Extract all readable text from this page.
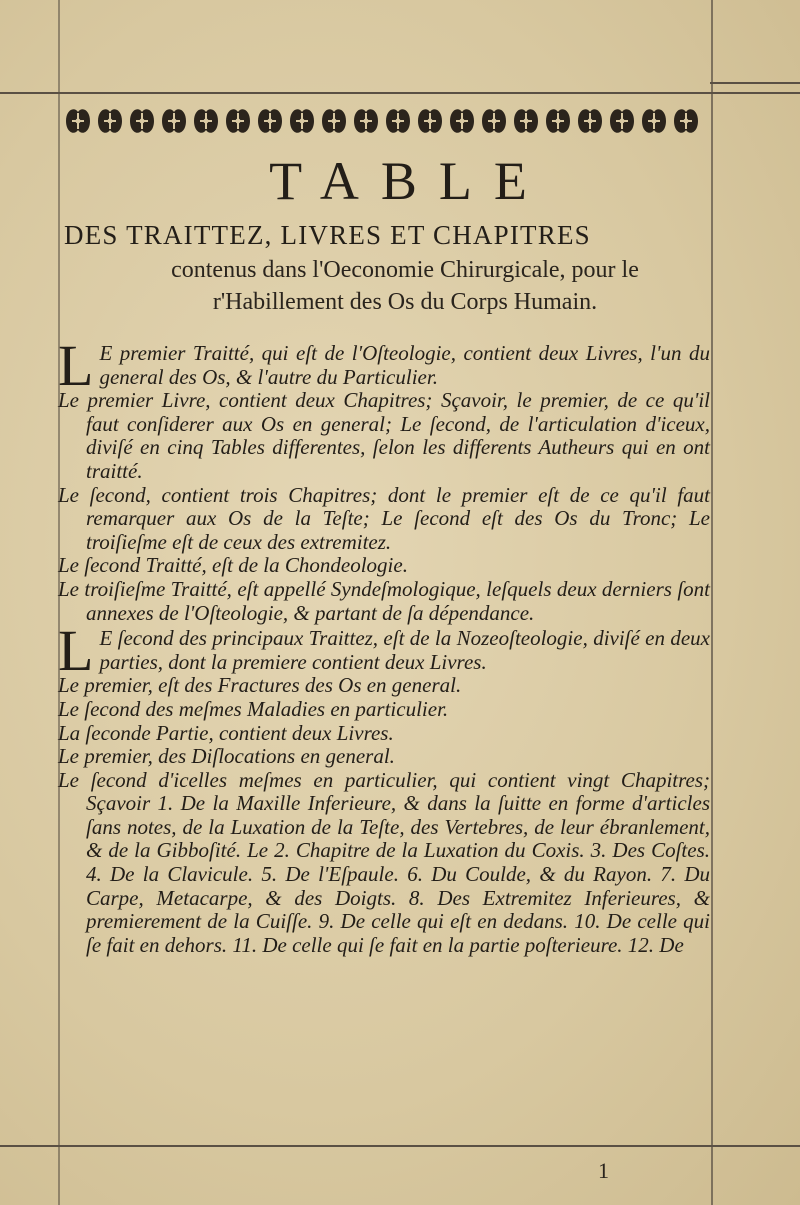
TABLE
DES TRAITTEZ, LIVRES ET CHAPITRES
contenus dans l'Oeconomie Chirurgicale, pour le
r'Habillement des Os du Corps Humain.

L E premier Traitté, qui eſt de l'Oſteologie, contient deux Livres, l'un du general des Os, & l'autre du Particulier.

Le premier Livre, contient deux Chapitres; Sçavoir, le premier, de ce qu'il faut conſiderer aux Os en general; Le ſecond, de l'articulation d'iceux, diviſé en cinq Tables differentes, ſelon les differents Autheurs qui en ont traitté.

Le ſecond, contient trois Chapitres; dont le premier eſt de ce qu'il faut remarquer aux Os de la Teſte; Le ſecond eſt des Os du Tronc; Le troiſieſme eſt de ceux des extremitez.

Le ſecond Traitté, eſt de la Chondeologie.

Le troiſieſme Traitté, eſt appellé Syndeſmologique, leſquels deux derniers ſont annexes de l'Oſteologie, & partant de ſa dépendance.

L E ſecond des principaux Traittez, eſt de la Nozeoſteologie, diviſé en deux parties, dont la premiere contient deux Livres.

Le premier, eſt des Fractures des Os en general.

Le ſecond des meſmes Maladies en particulier.

La ſeconde Partie, contient deux Livres.

Le premier, des Diſlocations en general.

Le ſecond d'icelles meſmes en particulier, qui contient vingt Chapitres; Sçavoir 1. De la Maxille Inferieure, & dans la ſuitte en forme d'articles ſans notes, de la Luxation de la Teſte, des Vertebres, de leur ébranlement, & de la Gibboſité. Le 2. Chapitre de la Luxation du Coxis. 3. Des Coſtes. 4. De la Clavicule. 5. De l'Eſpaule. 6. Du Coulde, & du Rayon. 7. Du Carpe, Metacarpe, & des Doigts. 8. Des Extremitez Inferieures, & premierement de la Cuiſſe. 9. De celle qui eſt en dedans. 10. De celle qui ſe fait en dehors. 11. De celle qui ſe fait en la partie poſterieure. 12. De

1
